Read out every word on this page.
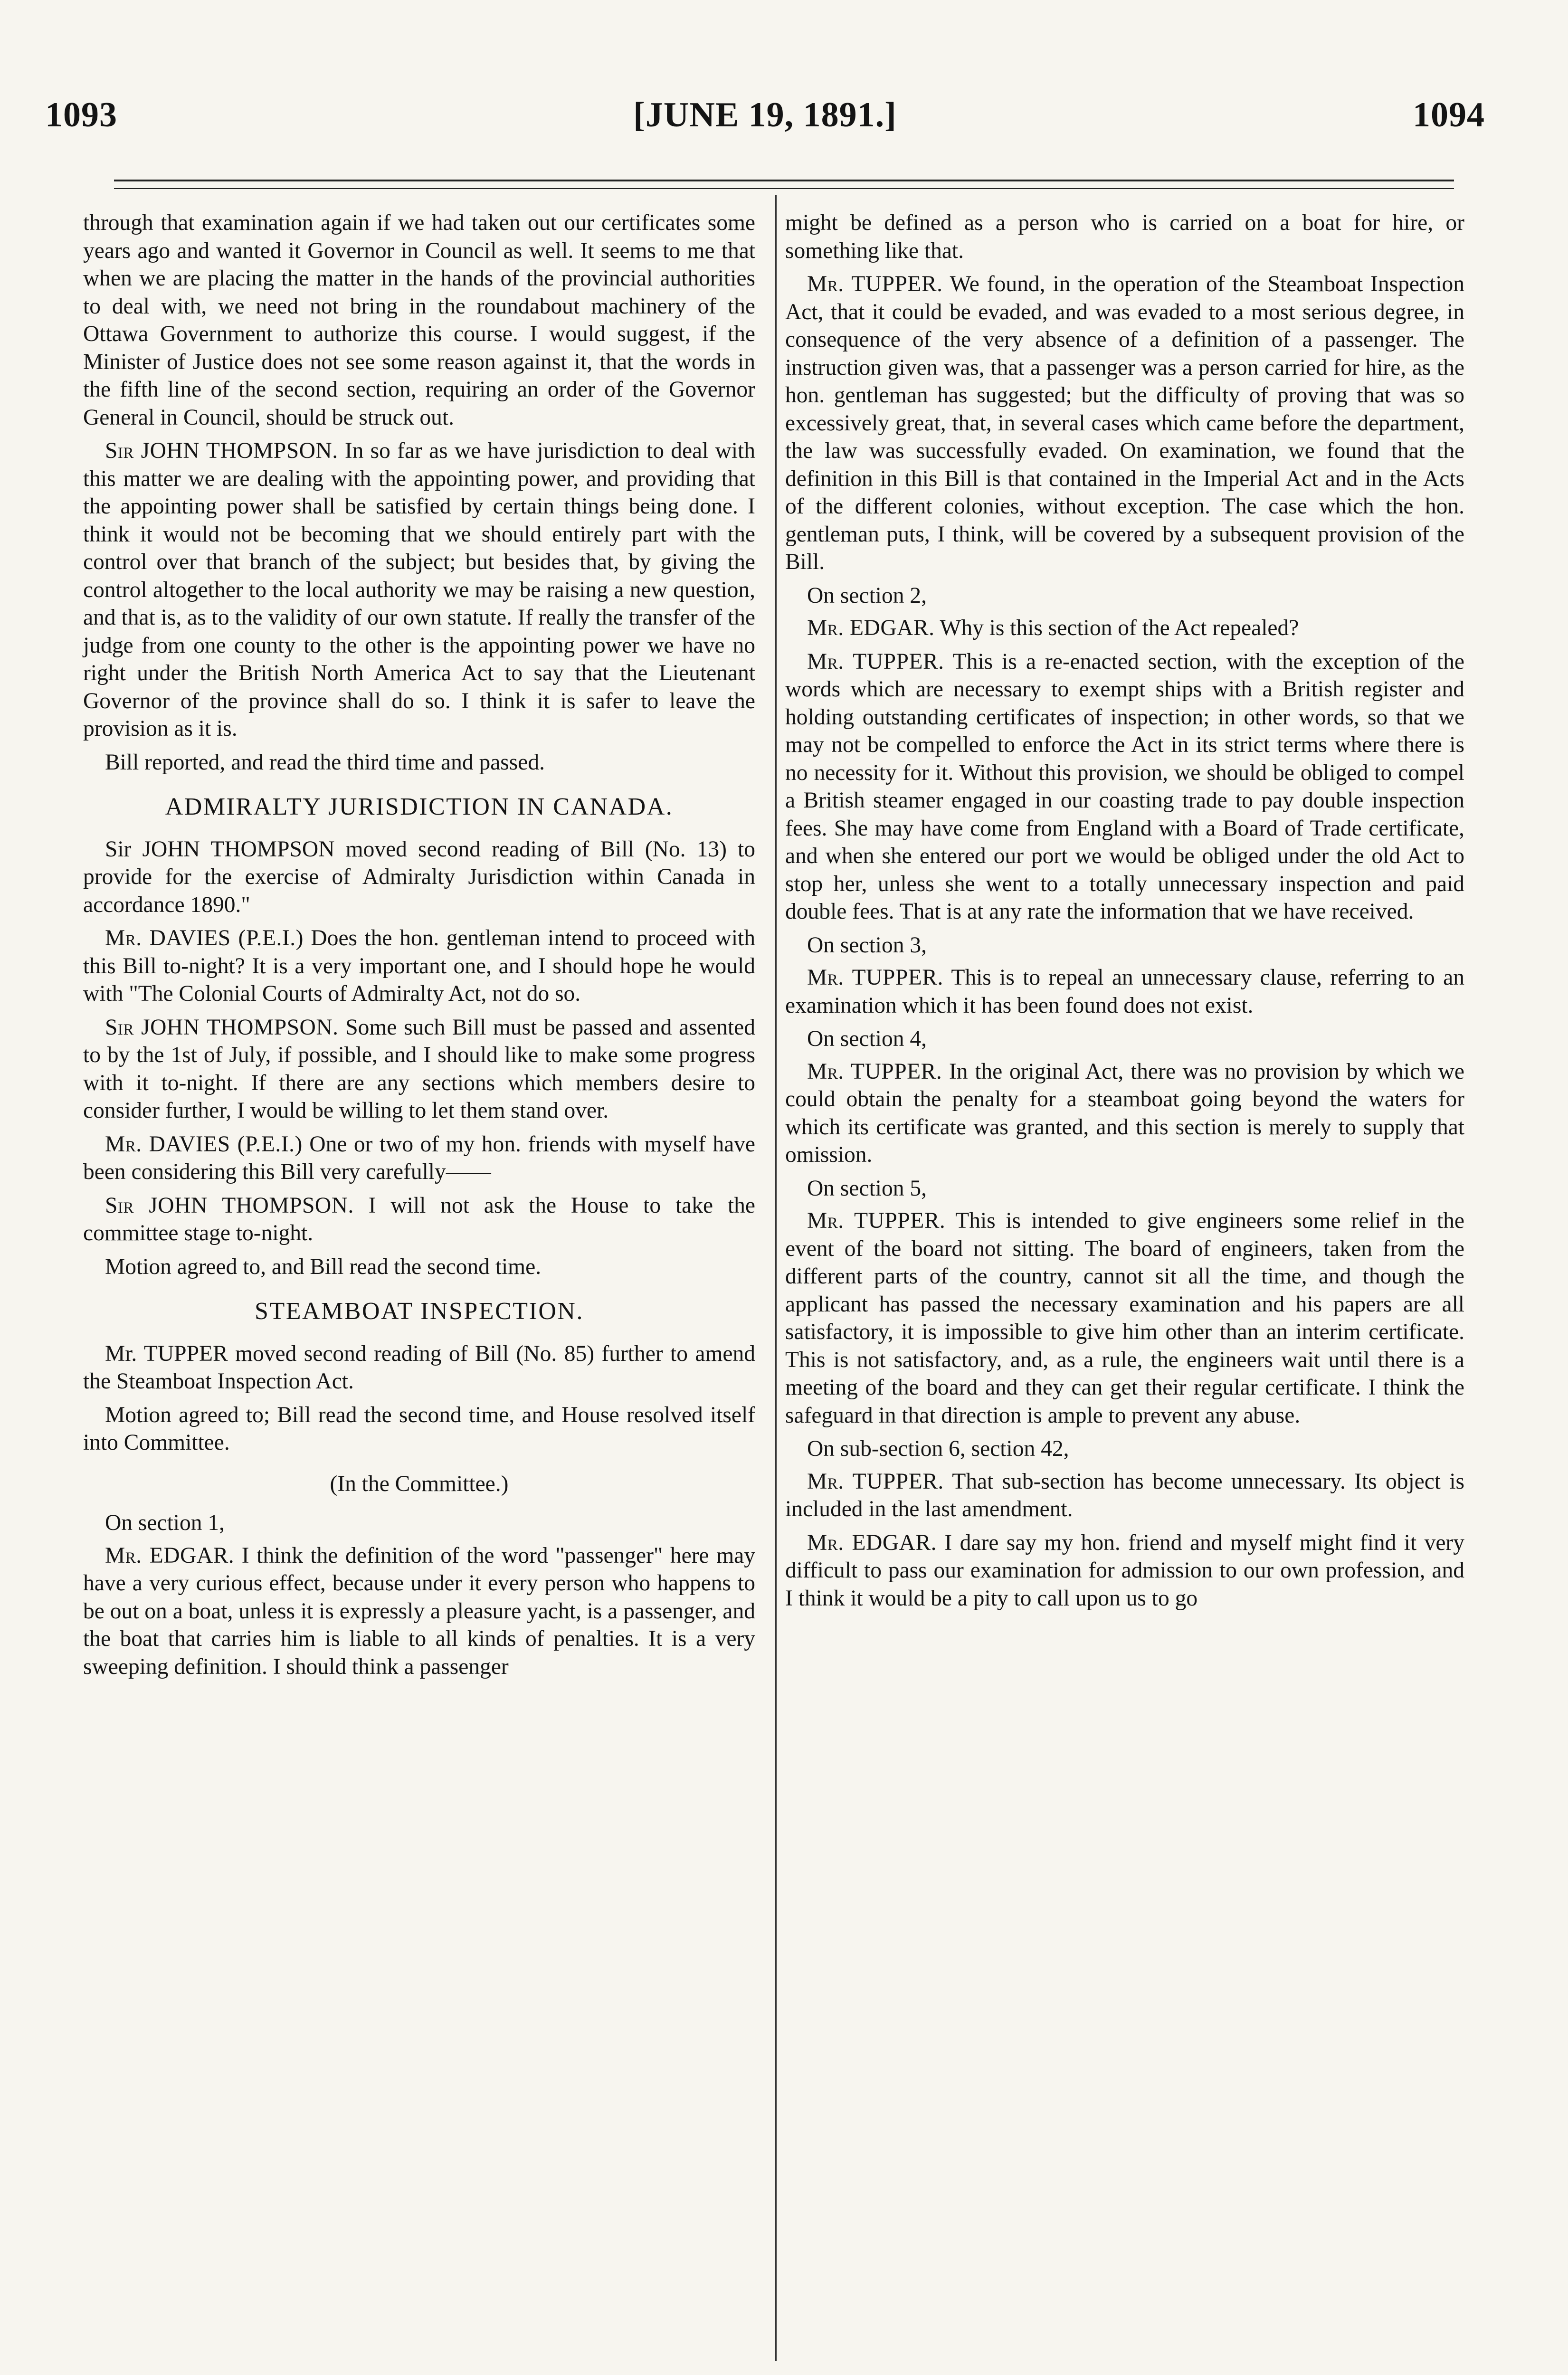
1093	[JUNE 19, 1891.]	1094

through that examination again if we had taken out our certificates some years ago and wanted it Governor in Council as well. It seems to me that when we are placing the matter in the hands of the provincial authorities to deal with, we need not bring in the roundabout machinery of the Ottawa Government to authorize this course. I would suggest, if the Minister of Justice does not see some reason against it, that the words in the fifth line of the second section, requiring an order of the Governor General in Council, should be struck out.

Sir JOHN THOMPSON. In so far as we have jurisdiction to deal with this matter we are dealing with the appointing power, and providing that the appointing power shall be satisfied by certain things being done. I think it would not be becoming that we should entirely part with the control over that branch of the subject; but besides that, by giving the control altogether to the local authority we may be raising a new question, and that is, as to the validity of our own statute. If really the transfer of the judge from one county to the other is the appointing power we have no right under the British North America Act to say that the Lieutenant Governor of the province shall do so. I think it is safer to leave the provision as it is.

Bill reported, and read the third time and passed.

ADMIRALTY JURISDICTION IN CANADA.

Sir JOHN THOMPSON moved second reading of Bill (No. 13) to provide for the exercise of Admiralty Jurisdiction within Canada in accordance 1890."

Mr. DAVIES (P.E.I.) Does the hon. gentleman intend to proceed with this Bill to-night? It is a very important one, and I should hope he would with "The Colonial Courts of Admiralty Act, not do so.

Sir JOHN THOMPSON. Some such Bill must be passed and assented to by the 1st of July, if possible, and I should like to make some progress with it to-night. If there are any sections which members desire to consider further, I would be willing to let them stand over.

Mr. DAVIES (P.E.I.) One or two of my hon. friends with myself have been considering this Bill very carefully——

Sir JOHN THOMPSON. I will not ask the House to take the committee stage to-night.

Motion agreed to, and Bill read the second time.

STEAMBOAT INSPECTION.

Mr. TUPPER moved second reading of Bill (No. 85) further to amend the Steamboat Inspection Act.

Motion agreed to; Bill read the second time, and House resolved itself into Committee.

(In the Committee.)

On section 1,

Mr. EDGAR. I think the definition of the word "passenger" here may have a very curious effect, because under it every person who happens to be out on a boat, unless it is expressly a pleasure yacht, is a passenger, and the boat that carries him is liable to all kinds of penalties. It is a very sweeping definition. I should think a passenger

might be defined as a person who is carried on a boat for hire, or something like that.

Mr. TUPPER. We found, in the operation of the Steamboat Inspection Act, that it could be evaded, and was evaded to a most serious degree, in consequence of the very absence of a definition of a passenger. The instruction given was, that a passenger was a person carried for hire, as the hon. gentleman has suggested; but the difficulty of proving that was so excessively great, that, in several cases which came before the department, the law was successfully evaded. On examination, we found that the definition in this Bill is that contained in the Imperial Act and in the Acts of the different colonies, without exception. The case which the hon. gentleman puts, I think, will be covered by a subsequent provision of the Bill.

On section 2,

Mr. EDGAR. Why is this section of the Act repealed?

Mr. TUPPER. This is a re-enacted section, with the exception of the words which are necessary to exempt ships with a British register and holding outstanding certificates of inspection; in other words, so that we may not be compelled to enforce the Act in its strict terms where there is no necessity for it. Without this provision, we should be obliged to compel a British steamer engaged in our coasting trade to pay double inspection fees. She may have come from England with a Board of Trade certificate, and when she entered our port we would be obliged under the old Act to stop her, unless she went to a totally unnecessary inspection and paid double fees. That is at any rate the information that we have received.

On section 3,

Mr. TUPPER. This is to repeal an unnecessary clause, referring to an examination which it has been found does not exist.

On section 4,

Mr. TUPPER. In the original Act, there was no provision by which we could obtain the penalty for a steamboat going beyond the waters for which its certificate was granted, and this section is merely to supply that omission.

On section 5,

Mr. TUPPER. This is intended to give engineers some relief in the event of the board not sitting. The board of engineers, taken from the different parts of the country, cannot sit all the time, and though the applicant has passed the necessary examination and his papers are all satisfactory, it is impossible to give him other than an interim certificate. This is not satisfactory, and, as a rule, the engineers wait until there is a meeting of the board and they can get their regular certificate. I think the safeguard in that direction is ample to prevent any abuse.

On sub-section 6, section 42,

Mr. TUPPER. That sub-section has become unnecessary. Its object is included in the last amendment.

Mr. EDGAR. I dare say my hon. friend and myself might find it very difficult to pass our examination for admission to our own profession, and I think it would be a pity to call upon us to go
